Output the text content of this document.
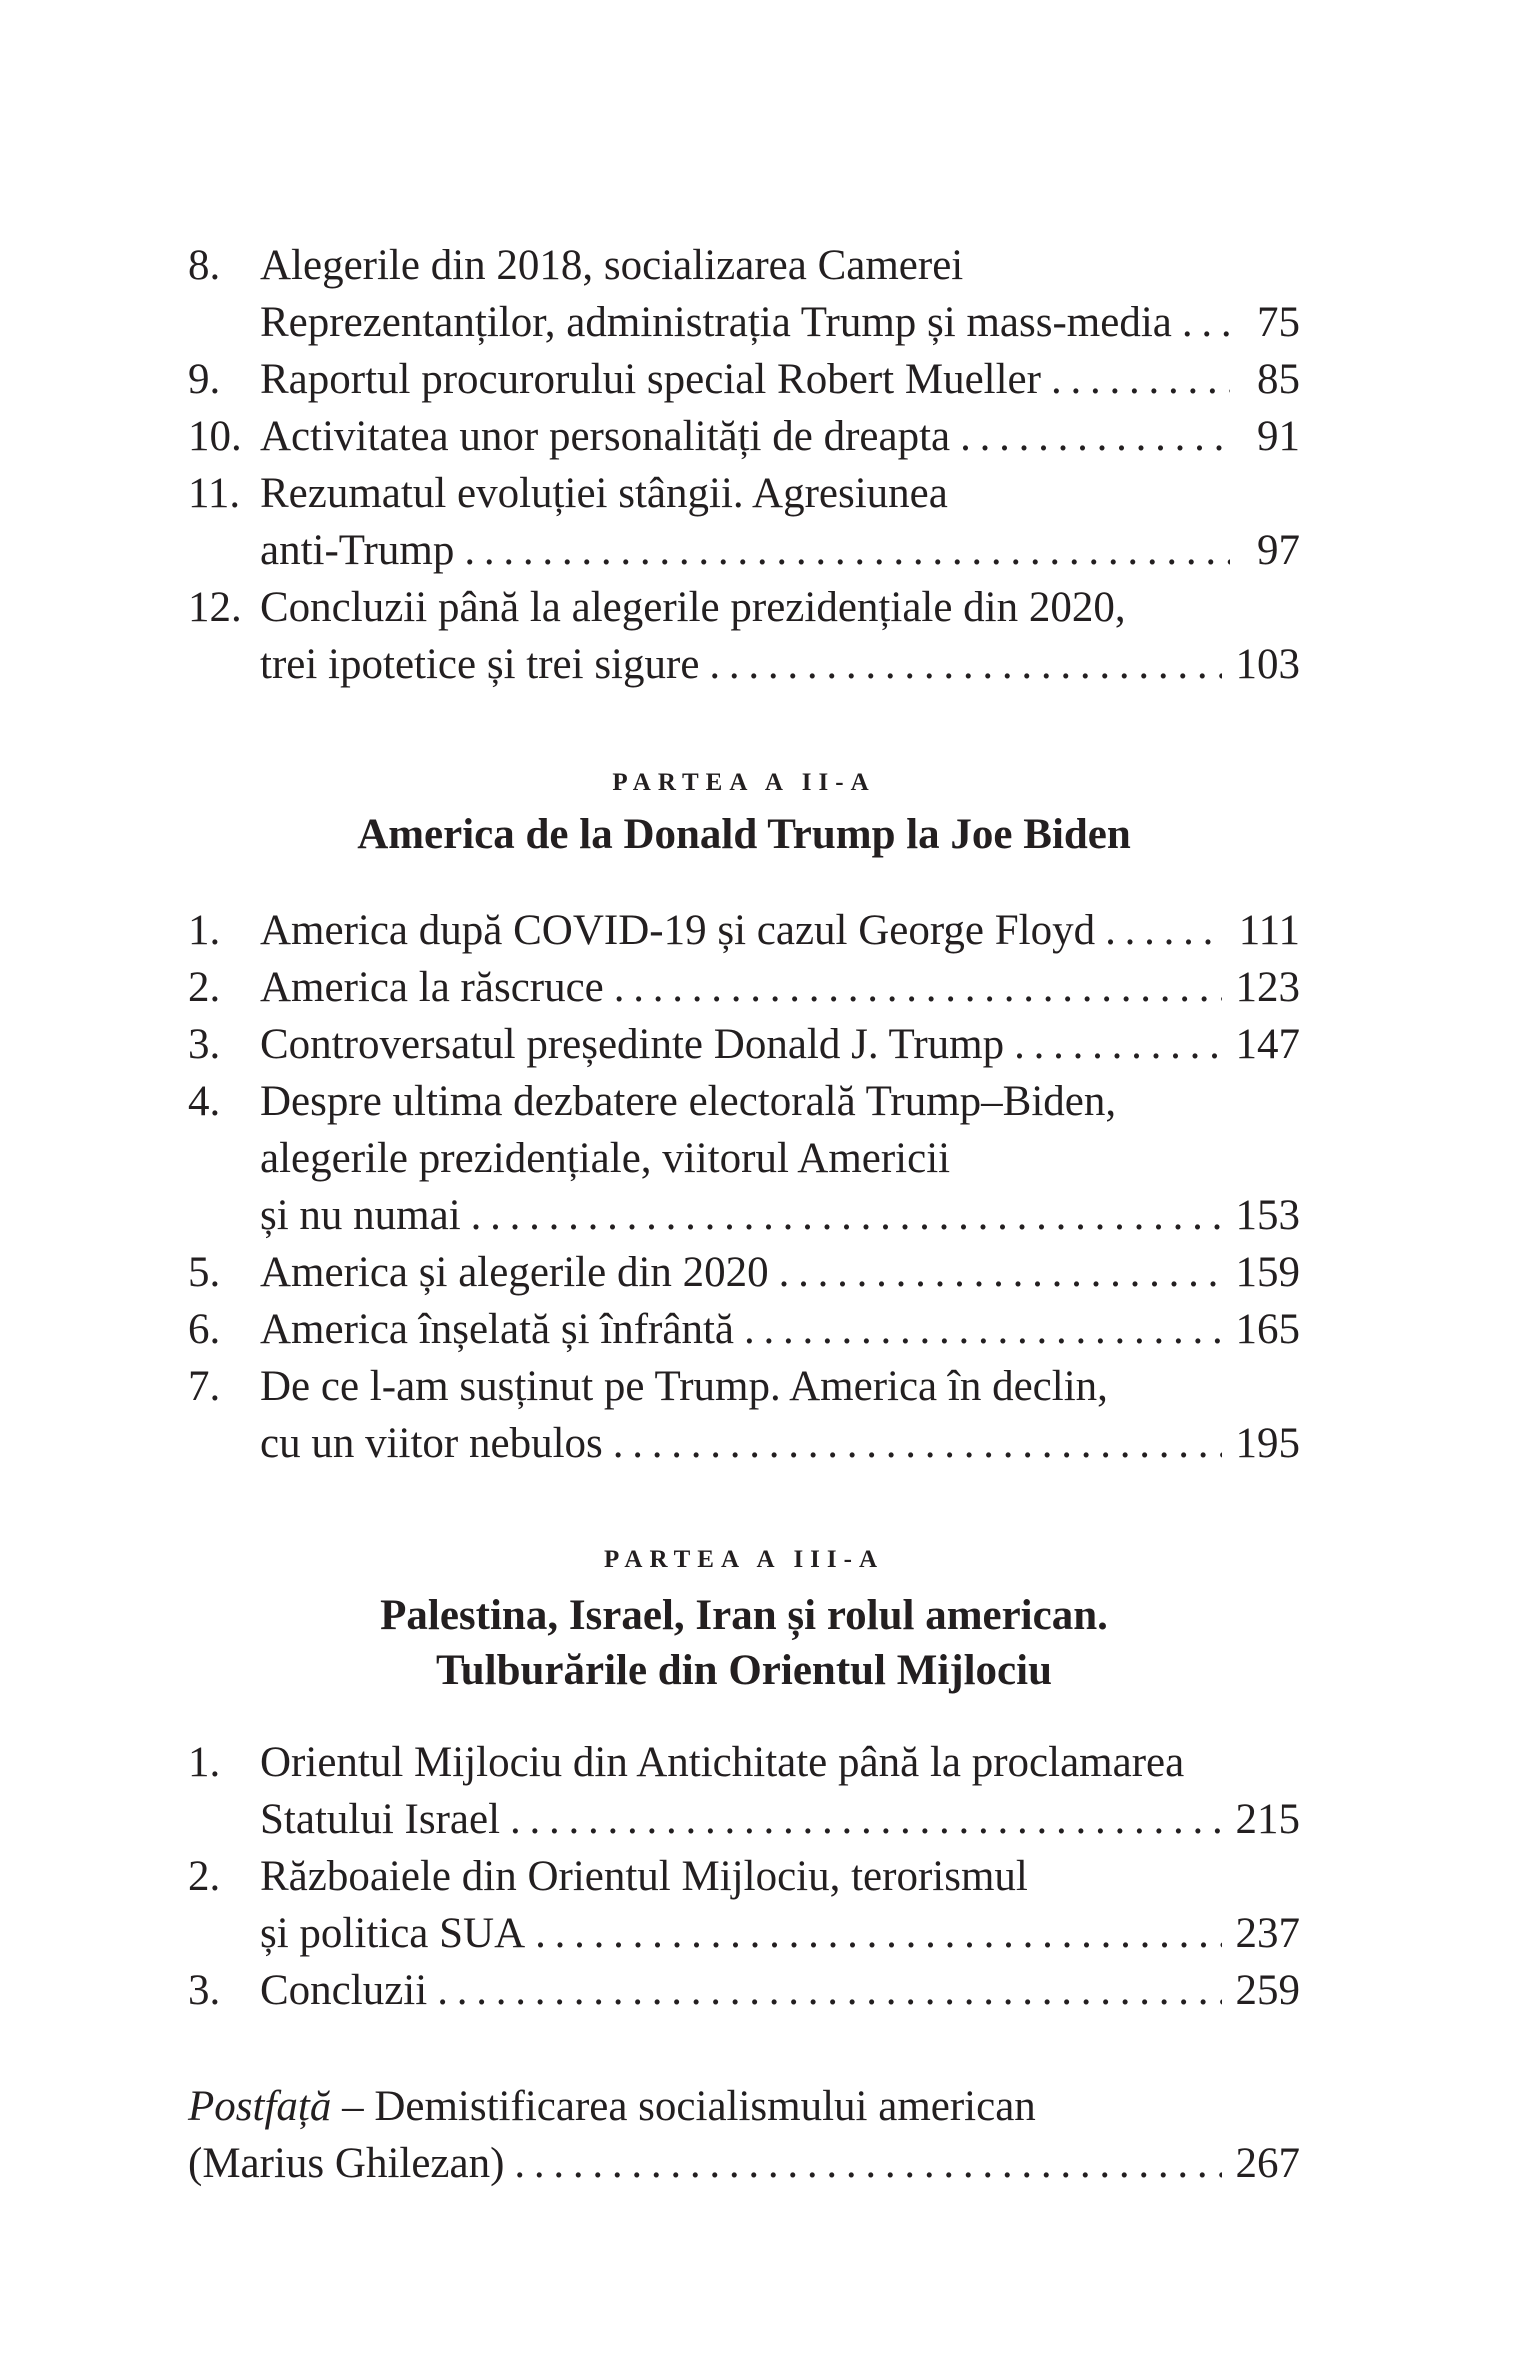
8. Alegerile din 2018, socializarea Camerei
Reprezentanților, administrația Trump și mass-media . . .	75
9. Raportul procurorului special Robert Mueller . . .	85
10. Activitatea unor personalități de dreapta . . .	91
11. Rezumatul evoluției stângii. Agresiunea
anti-Trump . . .	97
12. Concluzii până la alegerile prezidențiale din 2020,
trei ipotetice și trei sigure . . .	103
PARTEA A II-A
America de la Donald Trump la Joe Biden
1. America după COVID-19 și cazul George Floyd . . .	111
2. America la răscruce . . .	123
3. Controversatul președinte Donald J. Trump . . .	147
4. Despre ultima dezbatere electorală Trump–Biden,
alegerile prezidențiale, viitorul Americii
și nu numai . . .	153
5. America și alegerile din 2020 . . .	159
6. America înșelată și înfrântă . . .	165
7. De ce l-am susținut pe Trump. America în declin,
cu un viitor nebulos . . .	195
PARTEA A III-A
Palestina, Israel, Iran și rolul american.
Tulburările din Orientul Mijlociu
1. Orientul Mijlociu din Antichitate până la proclamarea
Statului Israel . . .	215
2. Războaiele din Orientul Mijlociu, terorismul
și politica SUA . . .	237
3. Concluzii . . .	259
Postfață – Demistificarea socialismului american
(Marius Ghilezan) . . .	267
